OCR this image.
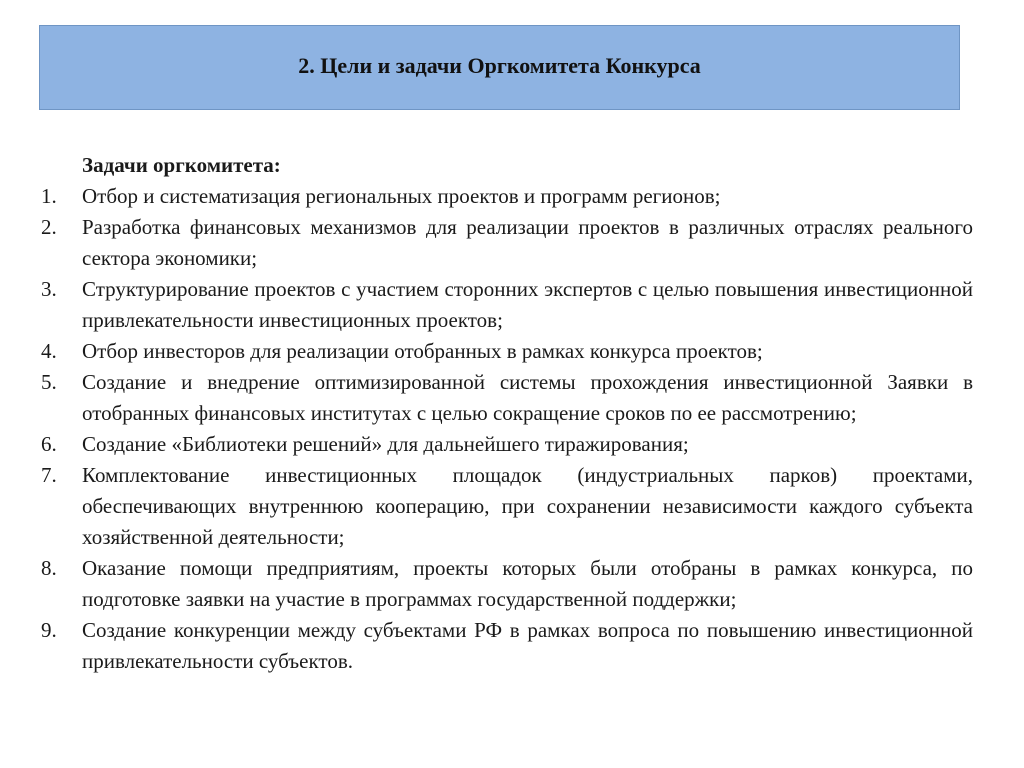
2. Цели и задачи Оргкомитета Конкурса
Задачи оргкомитета:
1.	Отбор и систематизация региональных проектов и программ регионов;
2.	Разработка финансовых механизмов для реализации проектов в различных отраслях реального сектора экономики;
3.	Структурирование проектов с участием сторонних экспертов с целью повышения инвестиционной привлекательности инвестиционных проектов;
4.	Отбор инвесторов для реализации отобранных в рамках конкурса проектов;
5.	Создание и внедрение оптимизированной системы прохождения инвестиционной Заявки в отобранных финансовых институтах с целью сокращение сроков по ее рассмотрению;
6.	Создание «Библиотеки решений» для дальнейшего тиражирования;
7.	Комплектование инвестиционных площадок (индустриальных парков) проектами, обеспечивающих внутреннюю кооперацию, при сохранении независимости каждого субъекта хозяйственной деятельности;
8.	Оказание помощи предприятиям, проекты которых были отобраны в рамках конкурса, по подготовке заявки на участие в программах государственной поддержки;
9.	Создание конкуренции между субъектами РФ в рамках вопроса по повышению инвестиционной привлекательности субъектов.
